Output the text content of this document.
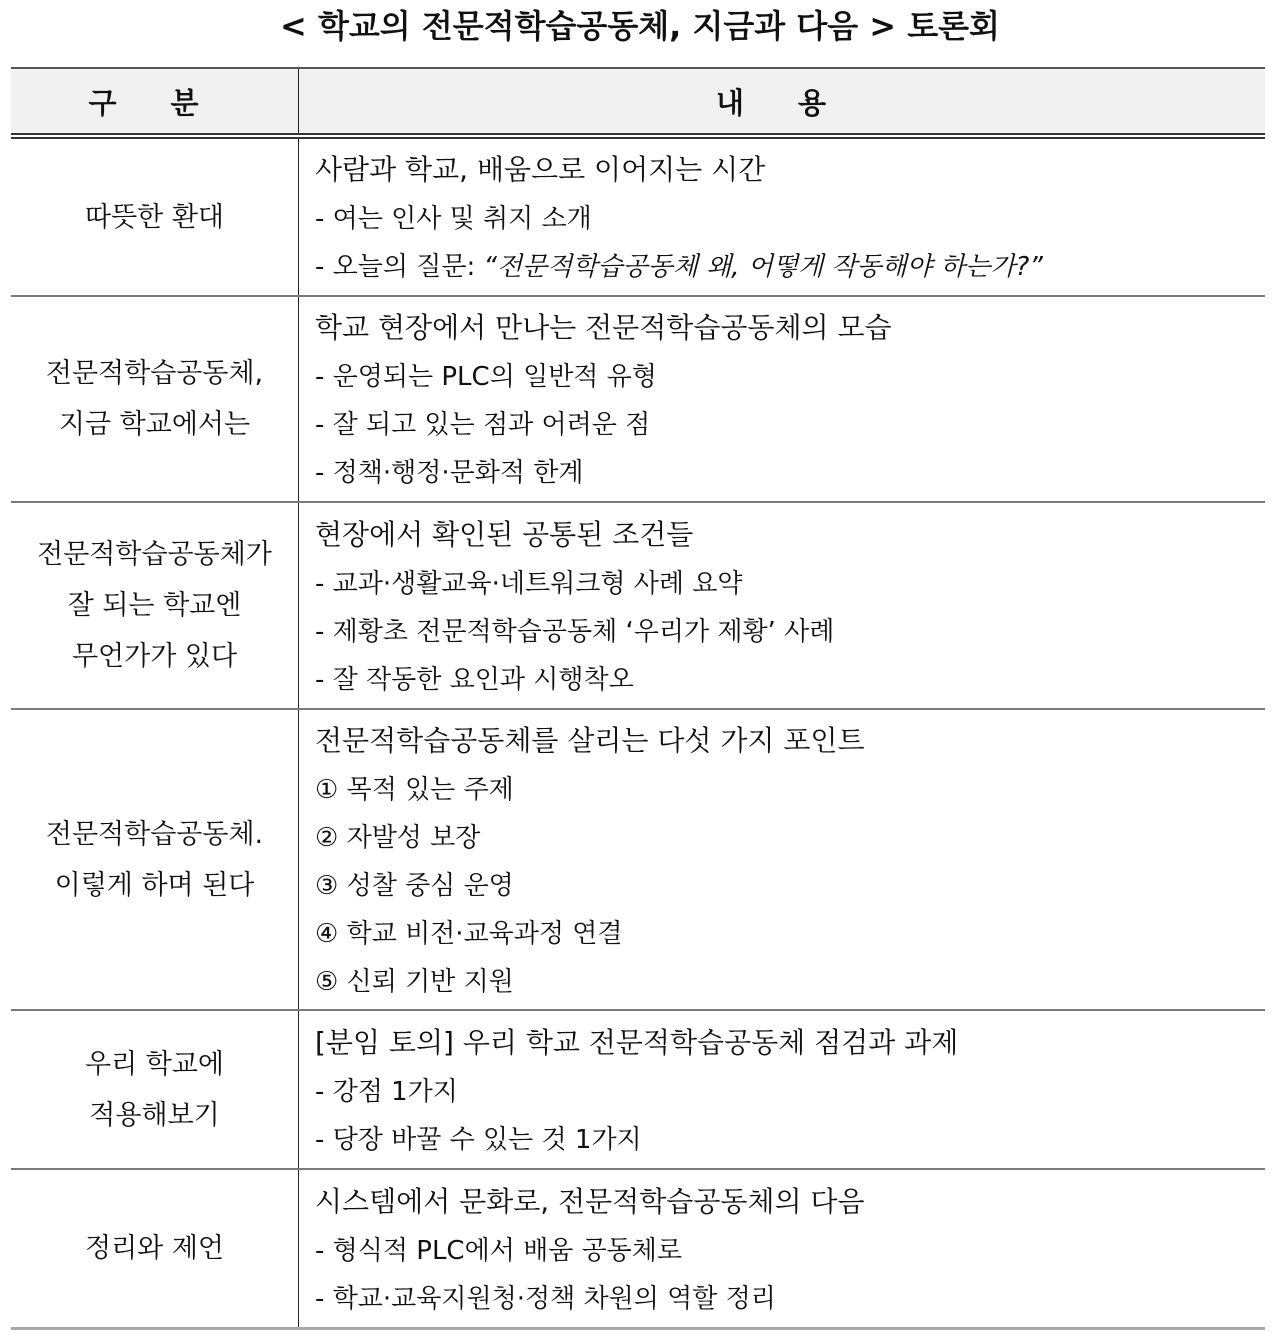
< 학교의 전문적학습공동체, 지금과 다음 > 토론회
구 분	내 용
따뜻한 환대
사람과 학교, 배움으로 이어지는 시간
- 여는 인사 및 취지 소개
- 오늘의 질문: “전문적학습공동체 왜, 어떻게 작동해야 하는가?”
전문적학습공동체,
지금 학교에서는
학교 현장에서 만나는 전문적학습공동체의 모습
- 운영되는 PLC의 일반적 유형
- 잘 되고 있는 점과 어려운 점
- 정책·행정·문화적 한계
전문적학습공동체가
잘 되는 학교엔
무언가가 있다
현장에서 확인된 공통된 조건들
- 교과·생활교육·네트워크형 사례 요약
- 제황초 전문적학습공동체 ‘우리가 제황’ 사례
- 잘 작동한 요인과 시행착오
전문적학습공동체.
이렇게 하며 된다
전문적학습공동체를 살리는 다섯 가지 포인트
① 목적 있는 주제
② 자발성 보장
③ 성찰 중심 운영
④ 학교 비전·교육과정 연결
⑤ 신뢰 기반 지원
우리 학교에
적용해보기
[분임 토의] 우리 학교 전문적학습공동체 점검과 과제
- 강점 1가지
- 당장 바꿀 수 있는 것 1가지
정리와 제언
시스템에서 문화로, 전문적학습공동체의 다음
- 형식적 PLC에서 배움 공동체로
- 학교·교육지원청·정책 차원의 역할 정리
